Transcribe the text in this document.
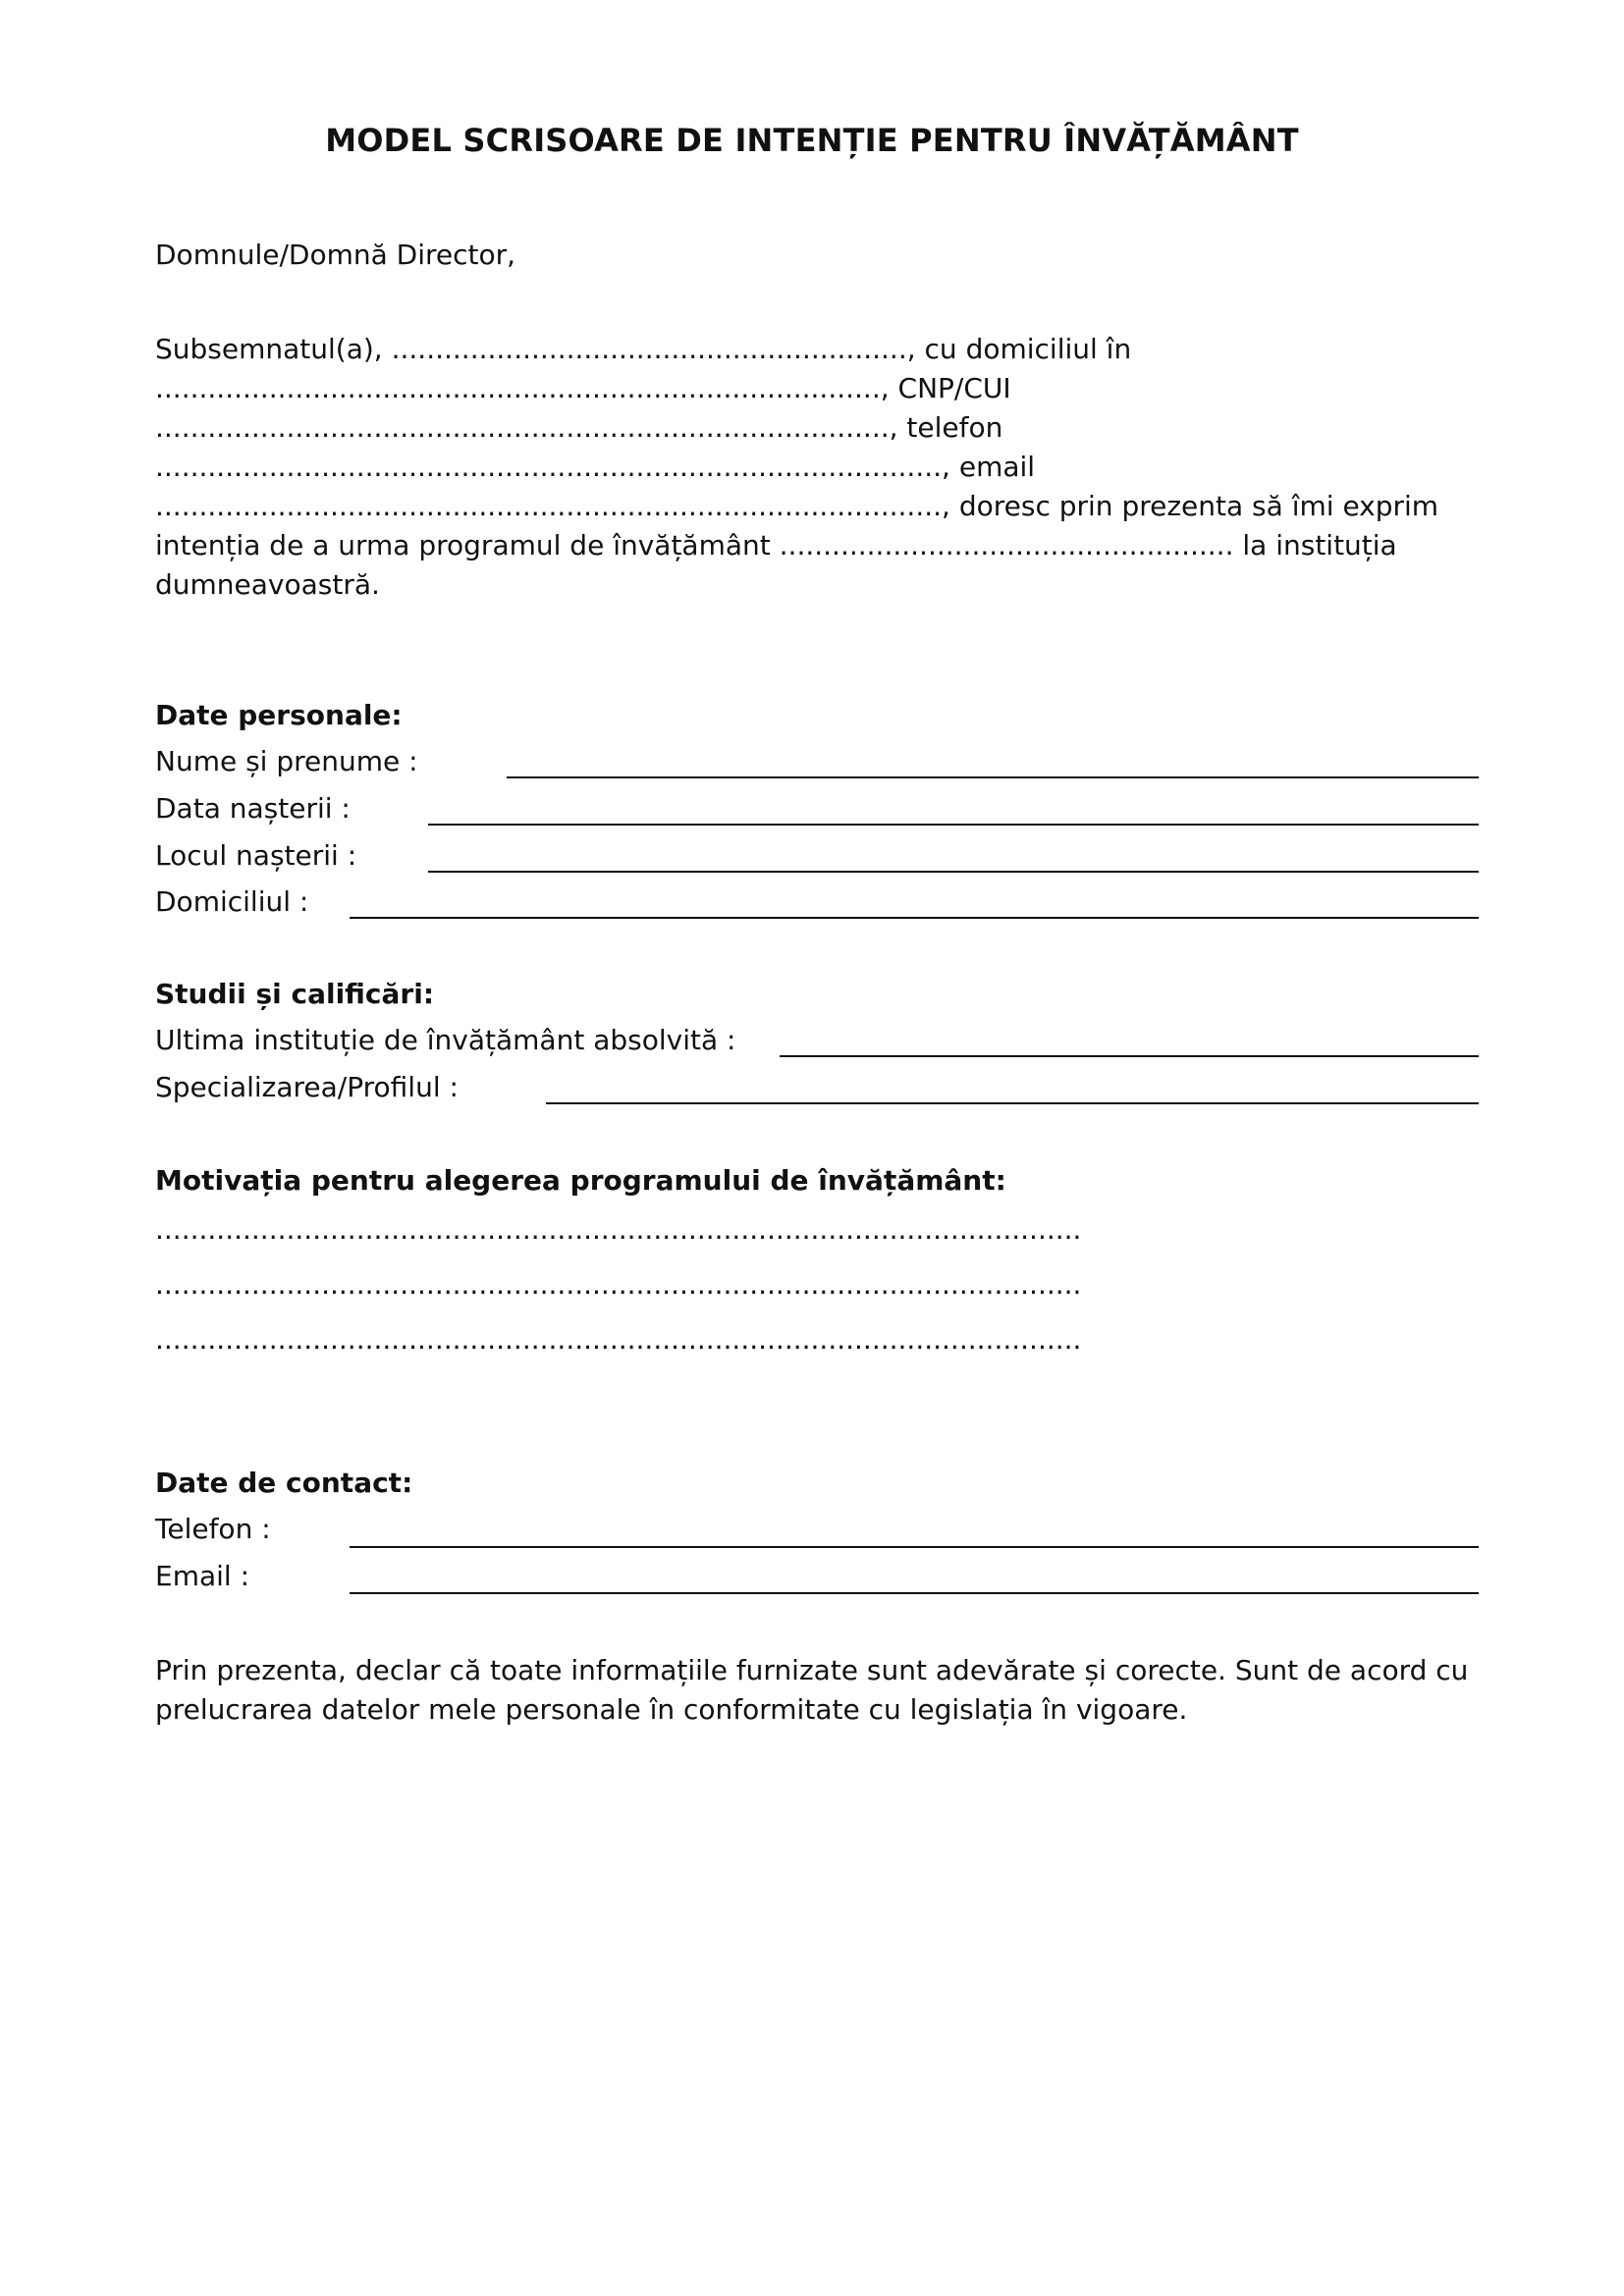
MODEL SCRISOARE DE INTENȚIE PENTRU ÎNVĂȚĂMÂNT
Domnule/Domnă Director,
Subsemnatul(a), ..........................................................., cu domiciliul în
..................................................................................., CNP/CUI
...................................................................................., telefon
.........................................................................................., email
.........................................................................................., doresc prin prezenta să îmi exprim
intenția de a urma programul de învățământ .................................................... la instituția
dumneavoastră.
Date personale:
Nume și prenume :
Data nașterii :
Locul nașterii :
Domiciliul :
Studii și calificări:
Ultima instituție de învățământ absolvită :
Specializarea/Profilul :
Motivația pentru alegerea programului de învățământ:
..........................................................................................................
..........................................................................................................
..........................................................................................................
Date de contact:
Telefon :
Email :
Prin prezenta, declar că toate informațiile furnizate sunt adevărate și corecte. Sunt de acord cu
prelucrarea datelor mele personale în conformitate cu legislația în vigoare.
